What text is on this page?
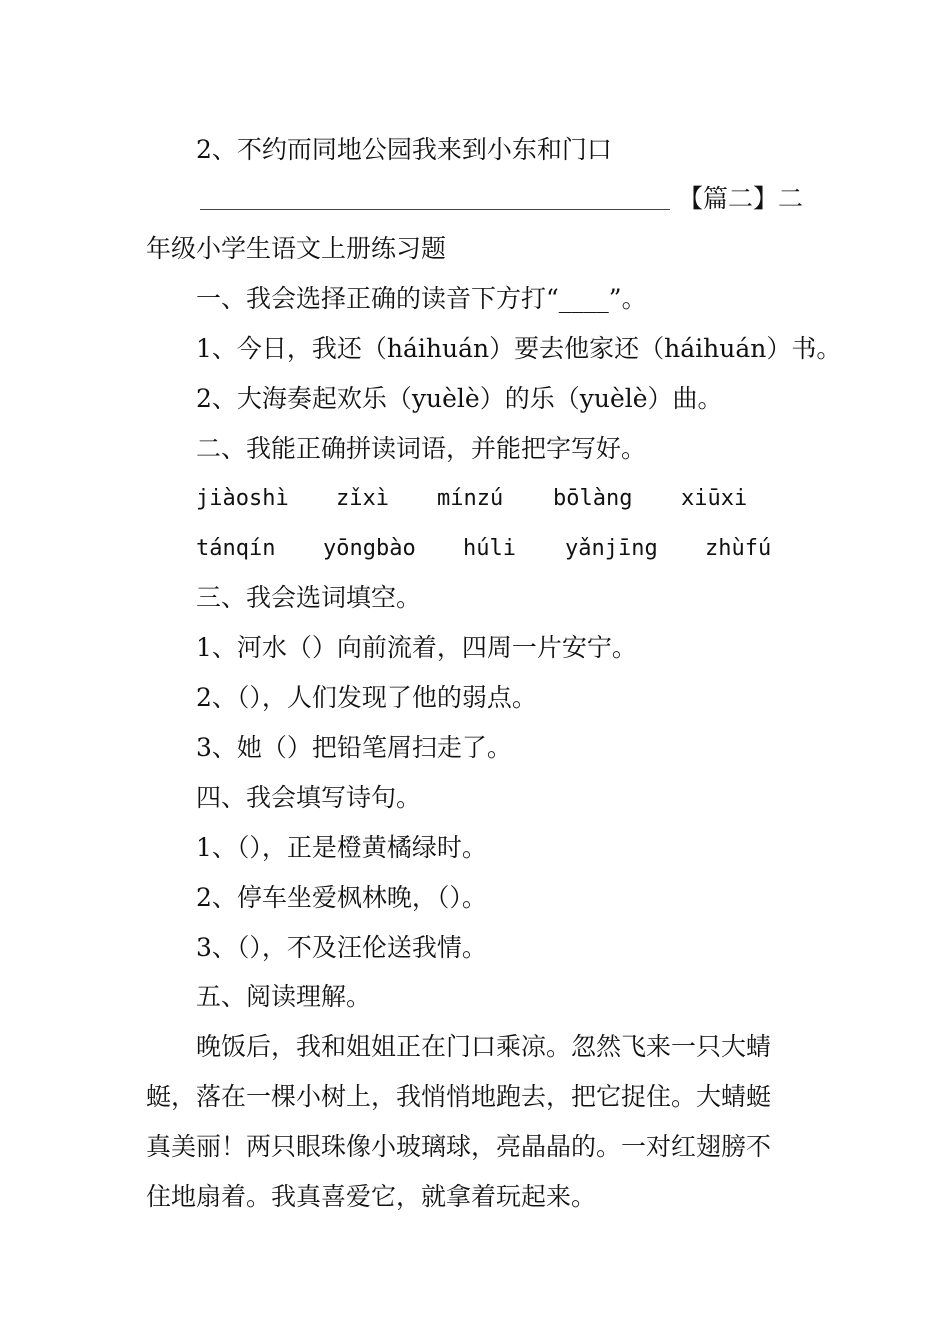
2、不约而同地公园我来到小东和门口
【篇二】二
年级小学生语文上册练习题
一、我会选择正确的读音下方打“____”。
1、今日，我还（háihuán）要去他家还（háihuán）书。
2、大海奏起欢乐（yuèlè）的乐（yuèlè）曲。
二、我能正确拼读词语，并能把字写好。
jiàoshì zǐxì mínzú bōlàng xiūxi
tánqín yōngbào húli yǎnjīng zhùfú
三、我会选词填空。
1、河水（）向前流着，四周一片安宁。
2、（），人们发现了他的弱点。
3、她（）把铅笔屑扫走了。
四、我会填写诗句。
1、（），正是橙黄橘绿时。
2、停车坐爱枫林晚，（）。
3、（），不及汪伦送我情。
五、阅读理解。
晚饭后，我和姐姐正在门口乘凉。忽然飞来一只大蜻
蜓，落在一棵小树上，我悄悄地跑去，把它捉住。大蜻蜓
真美丽！两只眼珠像小玻璃球，亮晶晶的。一对红翅膀不
住地扇着。我真喜爱它，就拿着玩起来。
